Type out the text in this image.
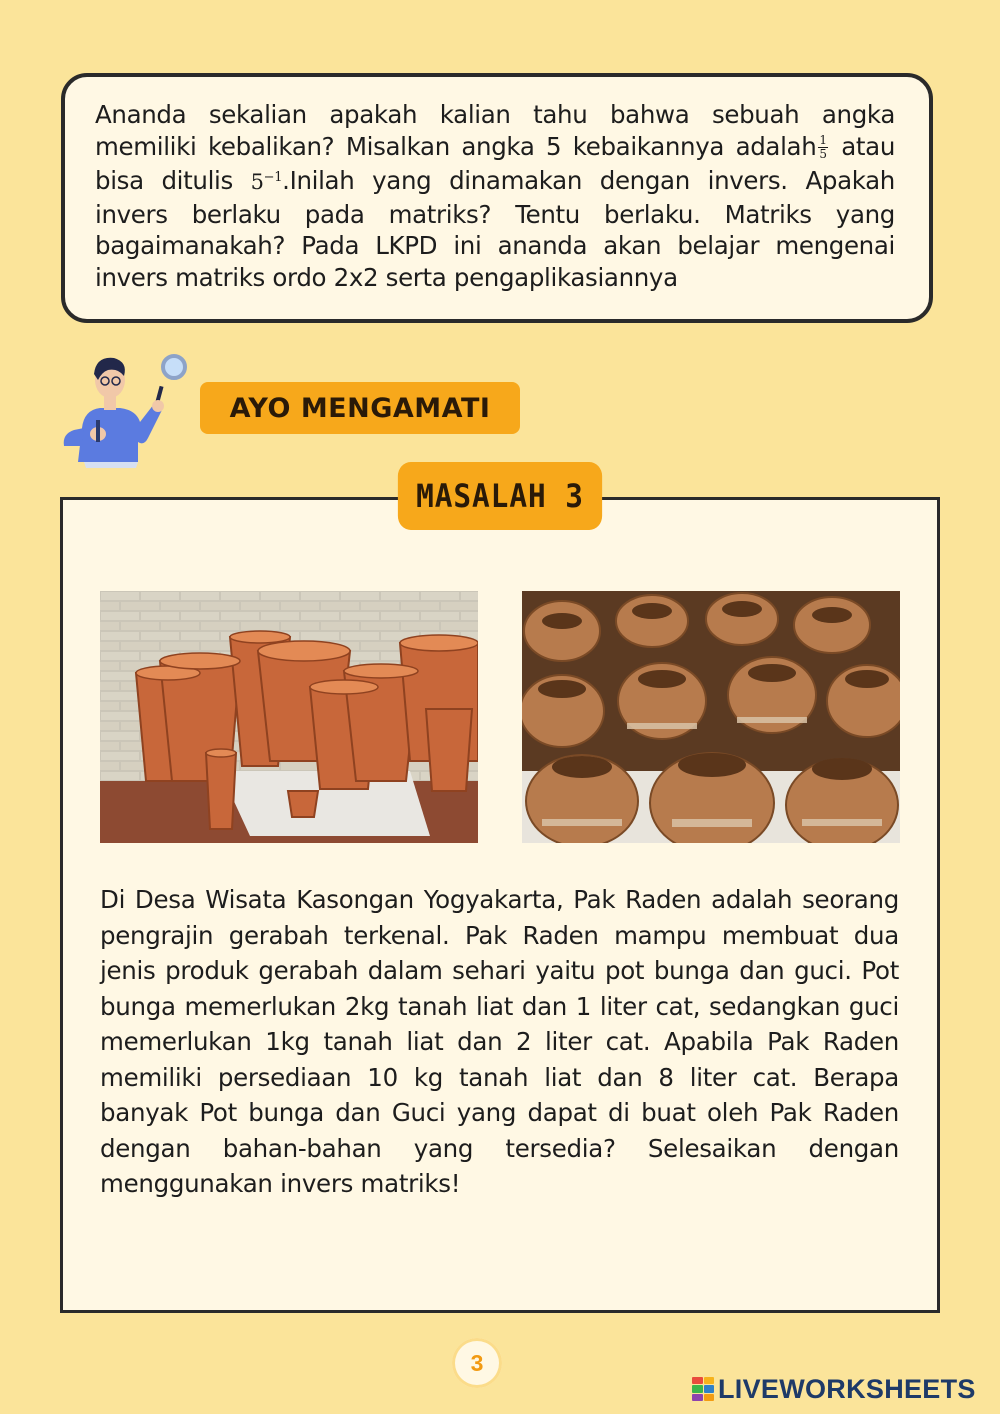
Ananda sekalian apakah kalian tahu bahwa sebuah angka memiliki kebalikan? Misalkan angka 5 kebaikannya adalah $\frac{1}{5}$ atau bisa ditulis $5^{-1}.Inilah$ yang dinamakan dengan invers. Apakah invers berlaku pada matriks? Tentu berlaku. Matriks yang bagaimanakah? Pada LKPD ini ananda akan belajar mengenai invers matriks ordo 2x2 serta pengaplikasiannya

AYO MENGAMATI
MASALAH 3

Di Desa Wisata Kasongan Yogyakarta, Pak Raden adalah seorang pengrajin gerabah terkenal. Pak Raden mampu membuat dua jenis produk gerabah dalam sehari yaitu pot bunga dan guci. Pot bunga memerlukan 2kg tanah liat dan 1 liter cat, sedangkan guci memerlukan 1kg tanah liat dan 2 liter cat. Apabila Pak Raden memiliki persediaan 10 kg tanah liat dan 8 liter cat. Berapa banyak Pot bunga dan Guci yang dapat di buat oleh Pak Raden dengan bahan-bahan yang tersedia? Selesaikan dengan menggunakan invers matriks!

3
LIVEWORKSHEETS
